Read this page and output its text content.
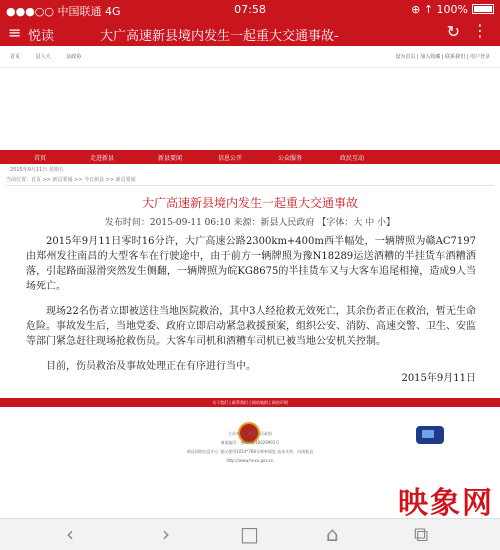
●●●○○ 中国联通 4G	07:58	⊕ ↑ 100%
≡ 悦读	大广高速新县境内发生一起重大交通事故-	↻ ⋮
首页	县人大	县政协	设为首页 | 加入收藏 | 联系我们 | 用户登录
首页	走进新县	新县要闻	信息公开	公众服务	政民互动
2015年9月11日 星期五
当前位置：首页 >> 新县要闻 >> 今日新县 >> 新县要闻
大广高速新县境内发生一起重大交通事故
发布时间：2015-09-11 06:10 来源：新县人民政府 【字体：大 中 小】

2015年9月11日零时16分许，大广高速公路2300km+400m西半幅处，一辆牌照为赣AC7197由郑州发往南昌的大型客车在行驶途中，由于前方一辆牌照为豫N18289运送酒糟的半挂货车酒糟洒落，引起路面湿滑突然发生侧翻，一辆牌照为皖KG8675的半挂货车又与大客车追尾相撞，造成9人当场死亡。

现场22名伤者立即被送往当地医院救治，其中3人经抢救无效死亡，其余伤者正在救治，暂无生命危险。事故发生后，当地党委、政府立即启动紧急救援预案，组织公安、消防、高速交警、卫生、安监等部门紧急赶往现场抢救伤员。大客车司机和酒糟车司机已被当地公安机关控制。

目前，伤员救治及事故处理正在有序进行当中。

2015年9月11日
关于我们 | 联系我们 | 网站地图 | 网站声明
主办单位：新县人民政府
备案编号：豫ICP备16029991号
新县网络信息中心 建议使用1024*768分辨率浏览 技术支持：河南新县
http://www.hnxx.gov.cn
映象网
‹	›	□	⌂	⧉
